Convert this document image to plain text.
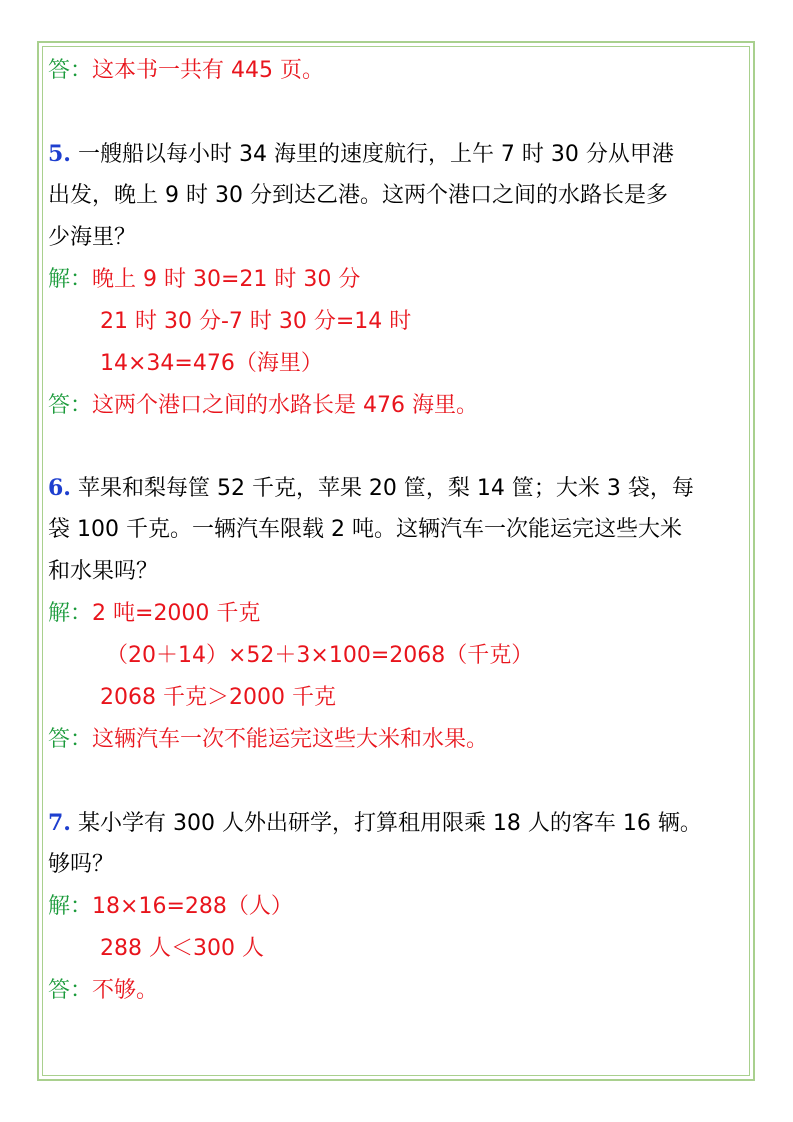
答：这本书一共有 445 页。
5. 一艘船以每小时 34 海里的速度航行，上午 7 时 30 分从甲港
出发，晚上 9 时 30 分到达乙港。这两个港口之间的水路长是多
少海里？
解：晚上 9 时 30=21 时 30 分
21 时 30 分-7 时 30 分=14 时
14×34=476（海里）
答：这两个港口之间的水路长是 476 海里。
6. 苹果和梨每筐 52 千克，苹果 20 筐，梨 14 筐；大米 3 袋，每
袋 100 千克。一辆汽车限载 2 吨。这辆汽车一次能运完这些大米
和水果吗？
解：2 吨=2000 千克
（20＋14）×52＋3×100=2068（千克）
2068 千克＞2000 千克
答：这辆汽车一次不能运完这些大米和水果。
7. 某小学有 300 人外出研学，打算租用限乘 18 人的客车 16 辆。
够吗？
解：18×16=288（人）
288 人＜300 人
答：不够。
